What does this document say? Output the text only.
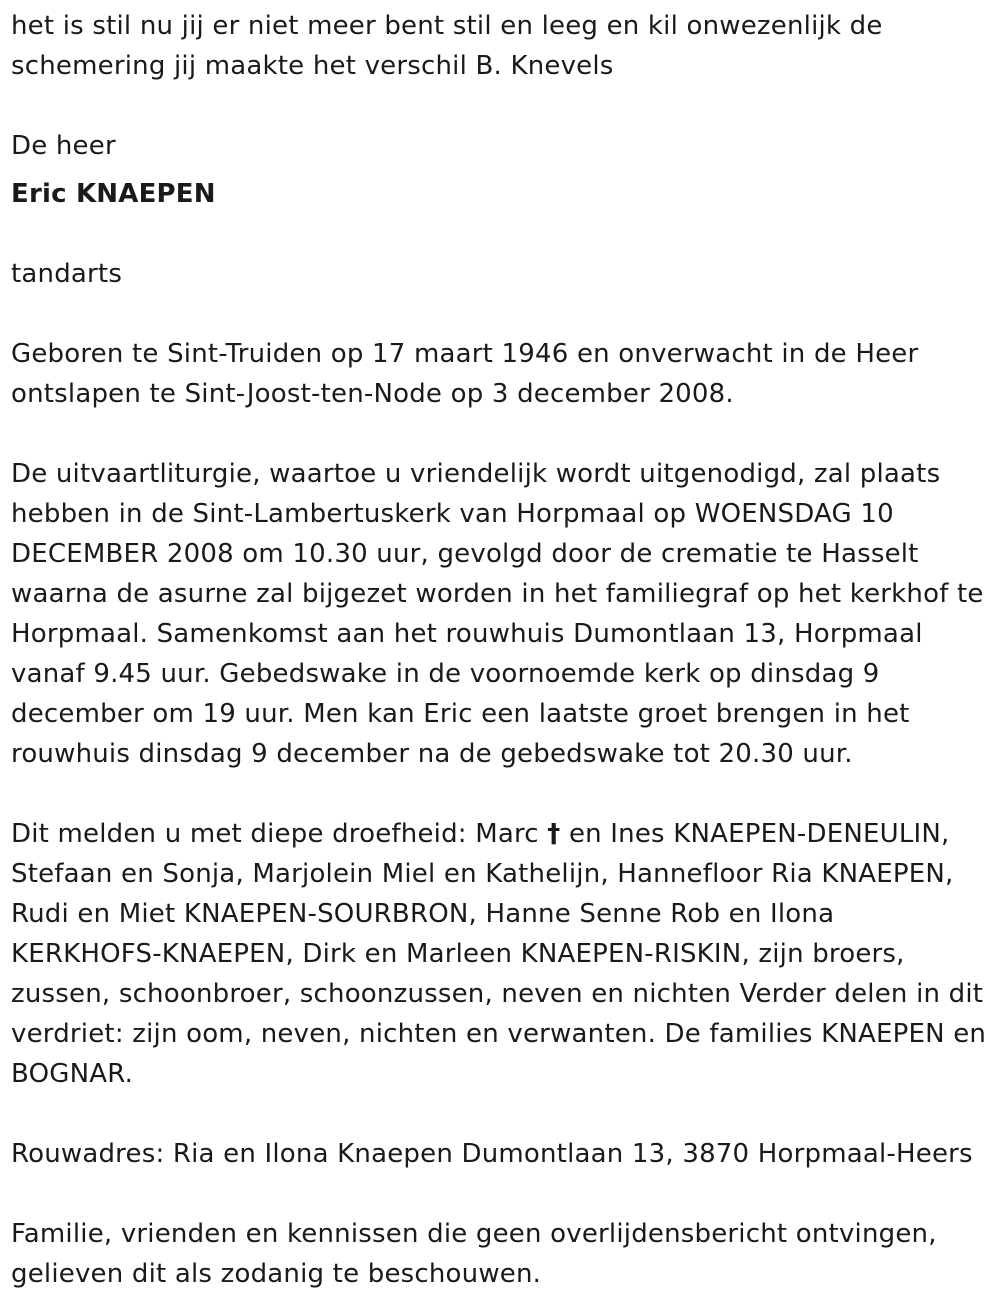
het is stil nu jij er niet meer bent stil en leeg en kil onwezenlijk de schemering jij maakte het verschil B. Knevels

De heer

Eric KNAEPEN

tandarts

Geboren te Sint-Truiden op 17 maart 1946 en onverwacht in de Heer ontslapen te Sint-Joost-ten-Node op 3 december 2008.

De uitvaartliturgie, waartoe u vriendelijk wordt uitgenodigd, zal plaats hebben in de Sint-Lambertuskerk van Horpmaal op WOENSDAG 10 DECEMBER 2008 om 10.30 uur, gevolgd door de crematie te Hasselt waarna de asurne zal bijgezet worden in het familiegraf op het kerkhof te Horpmaal. Samenkomst aan het rouwhuis Dumontlaan 13, Horpmaal vanaf 9.45 uur. Gebedswake in de voornoemde kerk op dinsdag 9 december om 19 uur. Men kan Eric een laatste groet brengen in het rouwhuis dinsdag 9 december na de gebedswake tot 20.30 uur.

Dit melden u met diepe droefheid: Marc † en Ines KNAEPEN-DENEULIN, Stefaan en Sonja, Marjolein Miel en Kathelijn, Hannefloor Ria KNAEPEN, Rudi en Miet KNAEPEN-SOURBRON, Hanne Senne Rob en Ilona KERKHOFS-KNAEPEN, Dirk en Marleen KNAEPEN-RISKIN, zijn broers, zussen, schoonbroer, schoonzussen, neven en nichten Verder delen in dit verdriet: zijn oom, neven, nichten en verwanten. De families KNAEPEN en BOGNAR.

Rouwadres: Ria en Ilona Knaepen Dumontlaan 13, 3870 Horpmaal-Heers

Familie, vrienden en kennissen die geen overlijdensbericht ontvingen, gelieven dit als zodanig te beschouwen.
